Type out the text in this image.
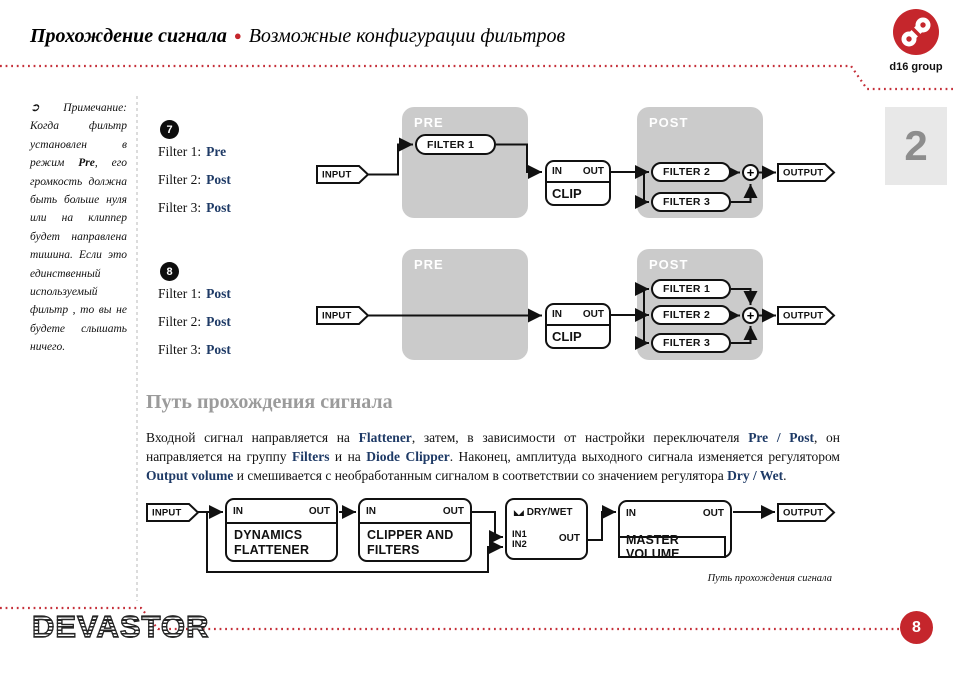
Прохождение сигнала ● Возможные конфигурации фильтров
d16 group
2
➲ Примечание: Когда фильтр установлен в режим Pre, его громкость должна быть больше нуля или на клиппер будет направлена тишина. Если это единственный используемый фильтр , то вы не будете слышать ничего.
7
Filter 1: Pre
Filter 2: Post
Filter 3: Post
8
Filter 1: Post
Filter 2: Post
Filter 3: Post
PRE	POST
PRE	POST
INPUT
FILTER 1
IN OUT
CLIP
FILTER 2
FILTER 3
+	OUTPUT
INPUT	IN OUT
CLIP
FILTER 1
FILTER 2
FILTER 3
+	OUTPUT
Путь прохождения сигнала
Входной сигнал направляется на Flattener, затем, в зависимости от настройки переключателя Pre / Post, он направляется на группу Filters и на Diode Clipper. Наконец, амплитуда выходного сигнала изменяется регулятором Output volume и смешивается с необработанным сигналом в соответствии со значением регулятора Dry / Wet.
INPUT	IN	OUT
DYNAMICS
FLATTENER
IN	OUT
CLIPPER AND
FILTERS
◣◢ DRY/WET
IN1
IN2
OUT
IN	OUT
MASTER VOLUME
OUTPUT
Путь прохождения сигнала
DEVASTOR	8
